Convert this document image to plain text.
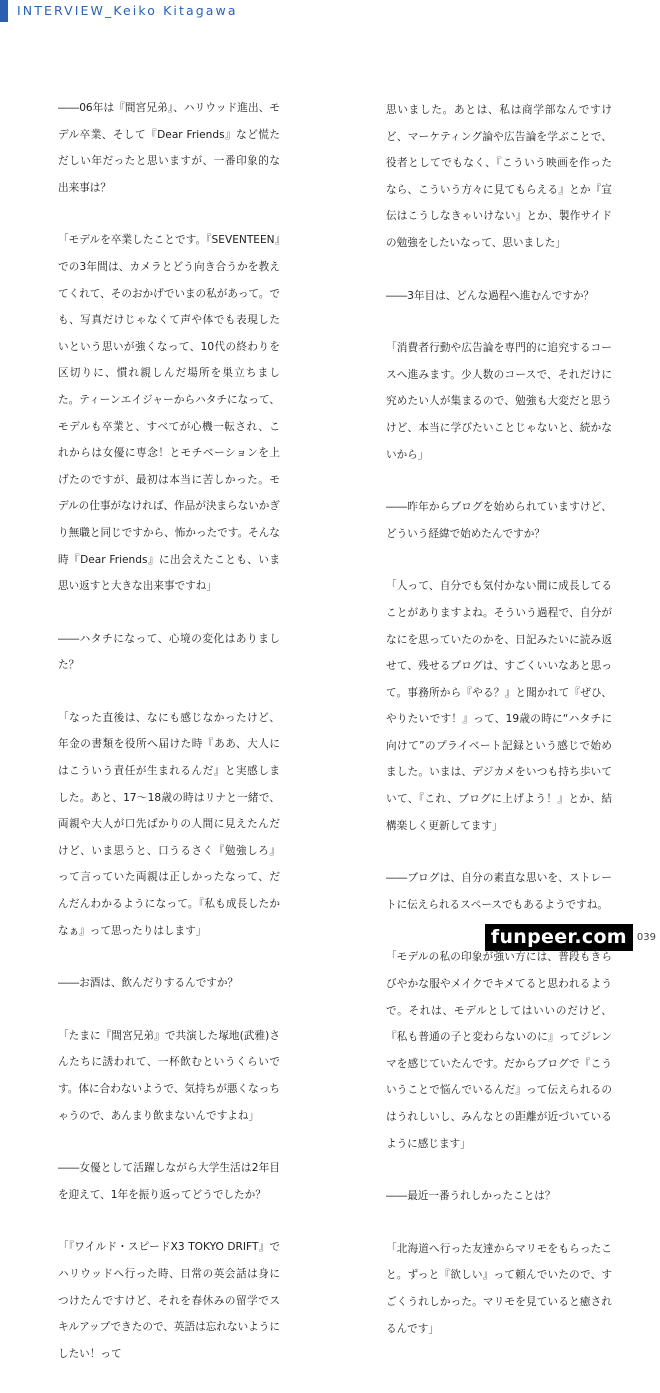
INTERVIEW_Keiko Kitagawa

――06年は『間宮兄弟』、ハリウッド進出、モデル卒業、そして『Dear Friends』など慌ただしい年だったと思いますが、一番印象的な出来事は？

「モデルを卒業したことです。『SEVENTEEN』での3年間は、カメラとどう向き合うかを教えてくれて、そのおかげでいまの私があって。でも、写真だけじゃなくて声や体でも表現したいという思いが強くなって、10代の終わりを区切りに、慣れ親しんだ場所を巣立ちました。ティーンエイジャーからハタチになって、モデルも卒業と、すべてが心機一転され、これからは女優に専念！とモチベーションを上げたのですが、最初は本当に苦しかった。モデルの仕事がなければ、作品が決まらないかぎり無職と同じですから、怖かったです。そんな時『Dear Friends』に出会えたことも、いま思い返すと大きな出来事ですね」

――ハタチになって、心境の変化はありました？

「なった直後は、なにも感じなかったけど、年金の書類を役所へ届けた時『ああ、大人にはこういう責任が生まれるんだ』と実感しました。あと、17〜18歳の時はリナと一緒で、両親や大人が口先ばかりの人間に見えたんだけど、いま思うと、口うるさく『勉強しろ』って言っていた両親は正しかったなって、だんだんわかるようになって。『私も成長したかなぁ』って思ったりはします」

――お酒は、飲んだりするんですか？

「たまに『間宮兄弟』で共演した塚地(武雅)さんたちに誘われて、一杯飲むというくらいです。体に合わないようで、気持ちが悪くなっちゃうので、あんまり飲まないんですよね」

――女優として活躍しながら大学生活は2年目を迎えて、1年を振り返ってどうでしたか？

「『ワイルド・スピードX3 TOKYO DRIFT』でハリウッドへ行った時、日常の英会話は身につけたんですけど、それを春休みの留学でスキルアップできたので、英語は忘れないようにしたい！って

思いました。あとは、私は商学部なんですけど、マーケティング論や広告論を学ぶことで、役者としてでもなく、『こういう映画を作ったなら、こういう方々に見てもらえる』とか『宣伝はこうしなきゃいけない』とか、製作サイドの勉強をしたいなって、思いました」

――3年目は、どんな過程へ進むんですか？

「消費者行動や広告論を専門的に追究するコースへ進みます。少人数のコースで、それだけに究めたい人が集まるので、勉強も大変だと思うけど、本当に学びたいことじゃないと、続かないから」

――昨年からブログを始められていますけど、どういう経緯で始めたんですか？

「人って、自分でも気付かない間に成長してることがありますよね。そういう過程で、自分がなにを思っていたのかを、日記みたいに読み返せて、残せるブログは、すごくいいなあと思って。事務所から『やる？』と聞かれて『ぜひ、やりたいです！』って、19歳の時に“ハタチに向けて”のプライベート記録という感じで始めました。いまは、デジカメをいつも持ち歩いていて、『これ、ブログに上げよう！』とか、結構楽しく更新してます」

――ブログは、自分の素直な思いを、ストレートに伝えられるスペースでもあるようですね。

「モデルの私の印象が強い方には、普段もきらびやかな服やメイクでキメてると思われるようで。それは、モデルとしてはいいのだけど、『私も普通の子と変わらないのに』ってジレンマを感じていたんです。だからブログで『こういうことで悩んでいるんだ』って伝えられるのはうれしいし、みんなとの距離が近づいているように感じます」

――最近一番うれしかったことは？

「北海道へ行った友達からマリモをもらったこと。ずっと『欲しい』って頼んでいたので、すごくうれしかった。マリモを見ていると癒されるんです」

funpeer.com	039
